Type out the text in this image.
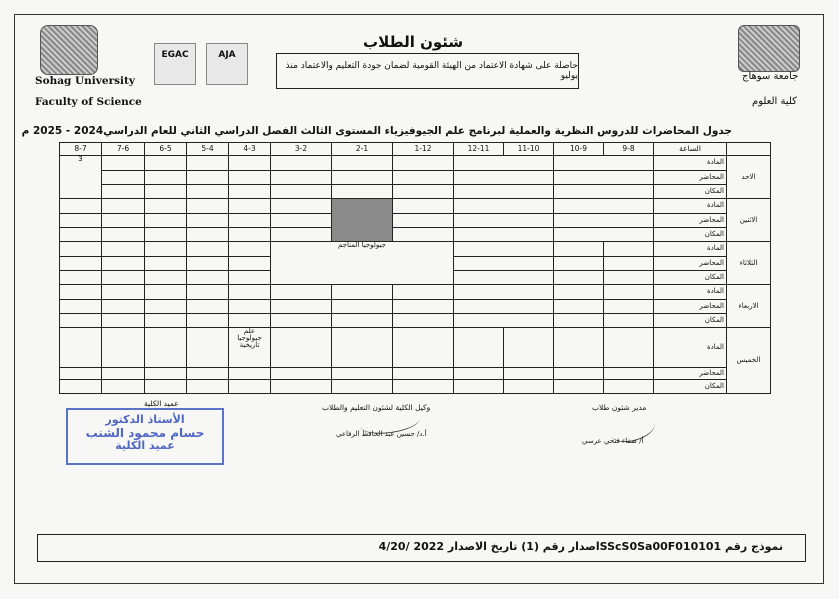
Sohag University
Faculty of Science
EGAC	AJA
شئون الطلاب
حاصلة على شهادة الاعتماد من الهيئة القومية لضمان جودة التعليم والاعتماد منذ يوليو	جامعة سوهاج
كلية العلوم
جدول المحاضرات للدروس النظرية والعملية لبرنامج علم الجيوفيزياء المستوى الثالث الفصل الدراسي الثاني للعام الدراسي2024 - 2025 م
	الساعة	9-8	10-9	11-10	12-11	1-12	2-1	3-2	4-3	5-4	6-5	7-6	8-7
الاحد	المادة												3
	المحاضر												
	المكان												
الاثنين	المادة												
	المحاضر												
	المكان												
الثلاثاء	المادة					جيولوجيا المناجم							
	المحاضر												
	المكان												
الاربعاء	المادة												
	المحاضر												
	المكان												
الخميس	المادة								علم جيولوجيا تاريخية				
	المحاضر												
	المكان												
عميد الكلية
الأستاذ الدكتور
حسام محمود الشنب
عميد الكلية
وكيل الكلية لشئون التعليم والطلاب
أ.د/ حسين عبد الحافظ الرفاعي
مدير شئون طلاب
أ/ صفاء فتحي عرسي
نموذج رقم SScS0Sa00F010101اصدار رقم (1) تاريخ الاصدار 2022 /4/20
